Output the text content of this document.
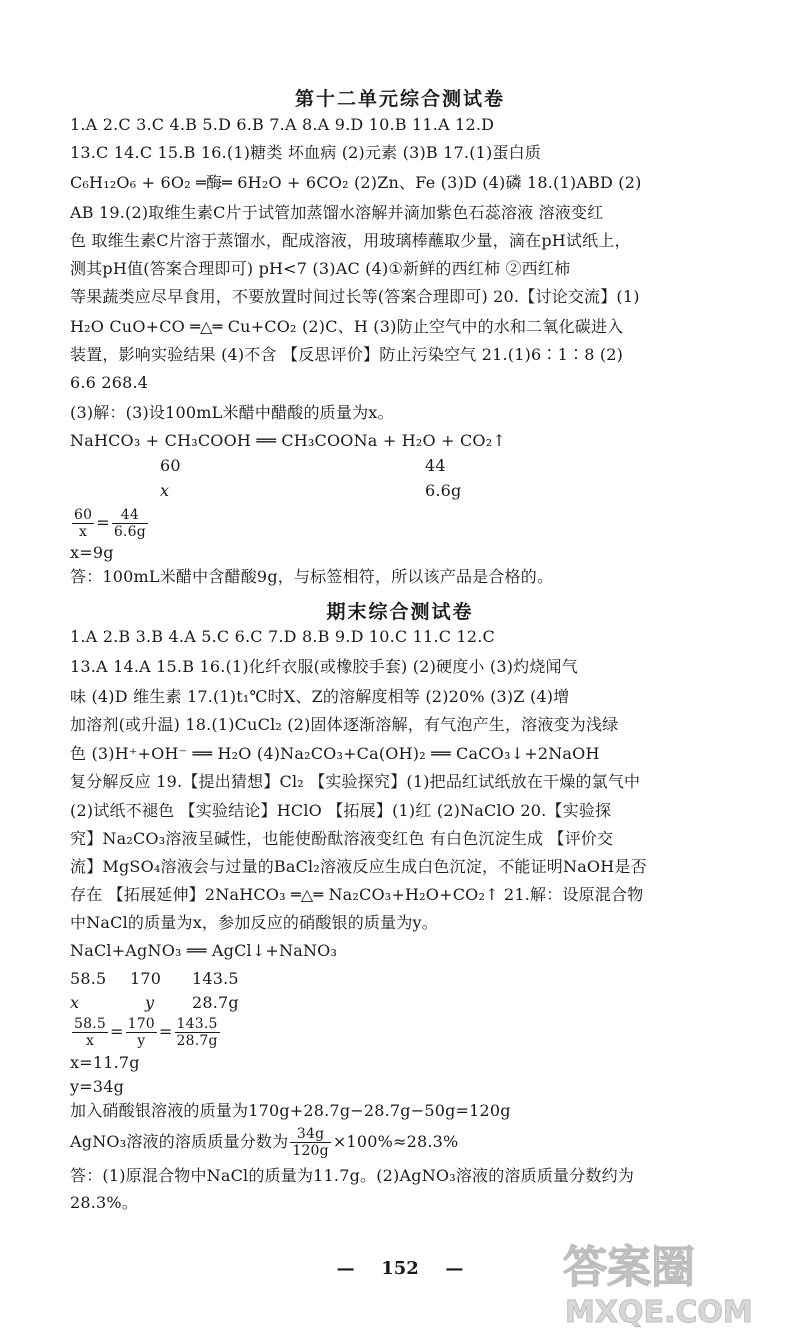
第十二单元综合测试卷
1.A 2.C 3.C 4.B 5.D 6.B 7.A 8.A 9.D 10.B 11.A 12.D
13.C 14.C 15.B 16.(1)糖类 坏血病 (2)元素 (3)B 17.(1)蛋白质
C₆H₁₂O₆ + 6O₂ ═酶═ 6H₂O + 6CO₂ (2)Zn、Fe (3)D (4)磷 18.(1)ABD (2)
AB 19.(2)取维生素C片于试管加蒸馏水溶解并滴加紫色石蕊溶液 溶液变红
色 取维生素C片溶于蒸馏水，配成溶液，用玻璃棒蘸取少量，滴在pH试纸上，
测其pH值(答案合理即可) pH<7 (3)AC (4)①新鲜的西红柿 ②西红柿
等果蔬类应尽早食用，不要放置时间过长等(答案合理即可) 20.【讨论交流】(1)
H₂O CuO+CO ═△═ Cu+CO₂ (2)C、H (3)防止空气中的水和二氧化碳进入
装置，影响实验结果 (4)不含 【反思评价】防止污染空气 21.(1)6∶1∶8 (2)
6.6 268.4
(3)解：(3)设100mL米醋中醋酸的质量为x。
NaHCO₃ + CH₃COOH ══ CH₃COONa + H₂O + CO₂↑
60	44
x	6.6g
$\frac{60}{x} = \frac{44}{6.6g}$
x=9g
答：100mL米醋中含醋酸9g，与标签相符，所以该产品是合格的。
期末综合测试卷
1.A 2.B 3.B 4.A 5.C 6.C 7.D 8.B 9.D 10.C 11.C 12.C
13.A 14.A 15.B 16.(1)化纤衣服(或橡胶手套) (2)硬度小 (3)灼烧闻气
味 (4)D 维生素 17.(1)t₁℃时X、Z的溶解度相等 (2)20% (3)Z (4)增
加溶剂(或升温) 18.(1)CuCl₂ (2)固体逐渐溶解，有气泡产生，溶液变为浅绿
色 (3)H⁺+OH⁻ ══ H₂O (4)Na₂CO₃+Ca(OH)₂ ══ CaCO₃↓+2NaOH
复分解反应 19.【提出猜想】Cl₂ 【实验探究】(1)把品红试纸放在干燥的氯气中
(2)试纸不褪色 【实验结论】HClO 【拓展】(1)红 (2)NaClO 20.【实验探
究】Na₂CO₃溶液呈碱性，也能使酚酞溶液变红色 有白色沉淀生成 【评价交
流】MgSO₄溶液会与过量的BaCl₂溶液反应生成白色沉淀，不能证明NaOH是否
存在 【拓展延伸】2NaHCO₃ ═△═ Na₂CO₃+H₂O+CO₂↑ 21.解：设原混合物
中NaCl的质量为x，参加反应的硝酸银的质量为y。
NaCl+AgNO₃ ══ AgCl↓+NaNO₃
58.5	170	143.5
x	y	28.7g
$\frac{58.5}{x} = \frac{170}{y} = \frac{143.5}{28.7g}$
x=11.7g
y=34g
加入硝酸银溶液的质量为170g+28.7g−28.7g−50g=120g
AgNO₃溶液的溶质质量分数为 $\frac{34g}{120g} \times 100\%\approx 28.3\%$
答：(1)原混合物中NaCl的质量为11.7g。(2)AgNO₃溶液的溶质质量分数约为
28.3%。
— 152 —	答案圈
MXQE.COM
